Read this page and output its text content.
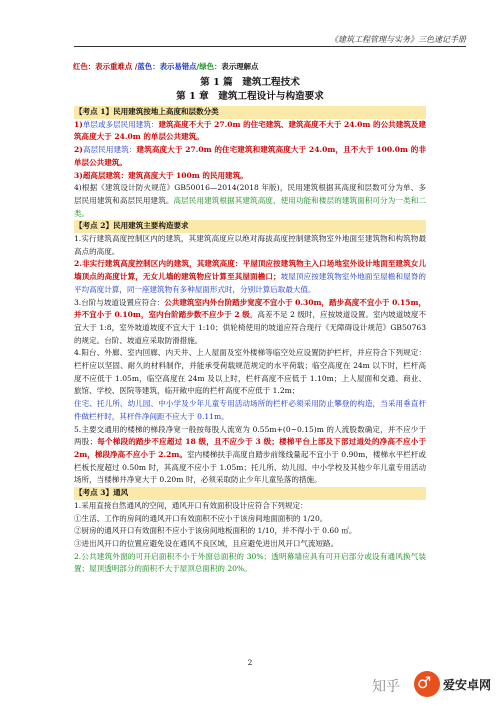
《建筑工程管理与实务》三色速记手册
红色：表示重难点 /蓝色：表示易错点/绿色：表示理解点
第 1 篇　建筑工程技术
第 1 章　建筑工程设计与构造要求
【考点 1】民用建筑按地上高度和层数分类

1)单层或多层民用建筑：建筑高度不大于 27.0m 的住宅建筑、建筑高度不大于 24.0m 的公共建筑及建筑高度大于 24.0m 的单层公共建筑。

2)高层民用建筑：建筑高度大于 27.0m 的住宅建筑和建筑高度大于 24.0m，且不大于 100.0m 的非单层公共建筑。

3)超高层建筑：建筑高度大于 100m 的民用建筑。

4)根据《建筑设计防火规范》GB50016—2014(2018 年版)，民用建筑根据其高度和层数可分为单、多层民用建筑和高层民用建筑。高层民用建筑根据其建筑高度、使用功能和楼层的建筑面积可分为一类和二类。

【考点 2】民用建筑主要构造要求

1.实行建筑高度控制区内的建筑，其建筑高度应以绝对海拔高度控制建筑物室外地面至建筑物和构筑物最高点的高度。

2.非实行建筑高度控制区内的建筑，其建筑高度：平屋顶应按建筑物主入口场地室外设计地面至建筑女儿墙顶点的高度计算，无女儿墙的建筑物应计算至其屋面檐口；坡屋顶应按建筑物室外地面至屋檐和屋脊的平均高度计算，同一座建筑物有多种屋面形式时，分别计算后取最大值。

3.台阶与坡道设置应符合：公共建筑室内外台阶踏步宽度不宜小于 0.30m，踏步高度不宜小于 0.15m，并不宜小于 0.10m，室内台阶踏步数不应少于 2 级，高差不足 2 级时，应按坡道设置。室内坡道坡度不宜大于 1:8，室外坡道坡度不宜大于 1:10；供轮椅使用的坡道应符合现行《无障碍设计规范》GB50763 的规定。台阶、坡道应采取防滑措施。

4.阳台、外廊、室内回廊、内天井、上人屋面及室外楼梯等临空处应设置防护栏杆，并应符合下列规定：栏杆应以坚固、耐久的材料制作，并能承受荷载规范规定的水平荷载；临空高度在 24m 以下时，栏杆高度不应低于 1.05m，临空高度在 24m 及以上时，栏杆高度不应低于 1.10m；上人屋面和交通、商业、旅馆、学校、医院等建筑，临开敞中庭的栏杆高度不应低于 1.2m；

住宅、托儿所、幼儿园、中小学及少年儿童专用活动场所的栏杆必须采用防止攀登的构造，当采用垂直杆件做栏杆时，其杆件净间距不应大于 0.11m。

5.主要交通用的楼梯的梯段净宽一般按每股人流宽为 0.55m+(0~0.15)m 的人流股数确定，并不应少于两股；每个梯段的踏步不应超过 18 级，且不应少于 3 级；楼梯平台上部及下部过道处的净高不应小于 2m，梯段净高不应小于 2.2m。室内楼梯扶手高度自踏步前缘线量起不宜小于 0.90m，楼梯水平栏杆或栏板长度超过 0.50m 时，其高度不应小于 1.05m；托儿所、幼儿园、中小学校及其他少年儿童专用活动场所，当楼梯井净宽大于 0.20m 时，必须采取防止少年儿童坠落的措施。

【考点 3】通风

1.采用直接自然通风的空间，通风开口有效面积设计应符合下列规定：

①生活、工作的房间的通风开口有效面积不应小于该房间地面面积的 1/20。

②厨房的通风开口有效面积不应小于该房间地板面积的 1/10，并不得小于 0.60 ㎡。

③进出风开口的位置应避免设在通风不良区域，且应避免进出风开口气流短路。

2.公共建筑外窗的可开启面积不小于外窗总面积的 30%；透明幕墙应具有可开启部分或设有通风换气装置；屋顶透明部分的面积不大于屋顶总面积的 20%。

2
知乎 ♂ 爱安卓网
